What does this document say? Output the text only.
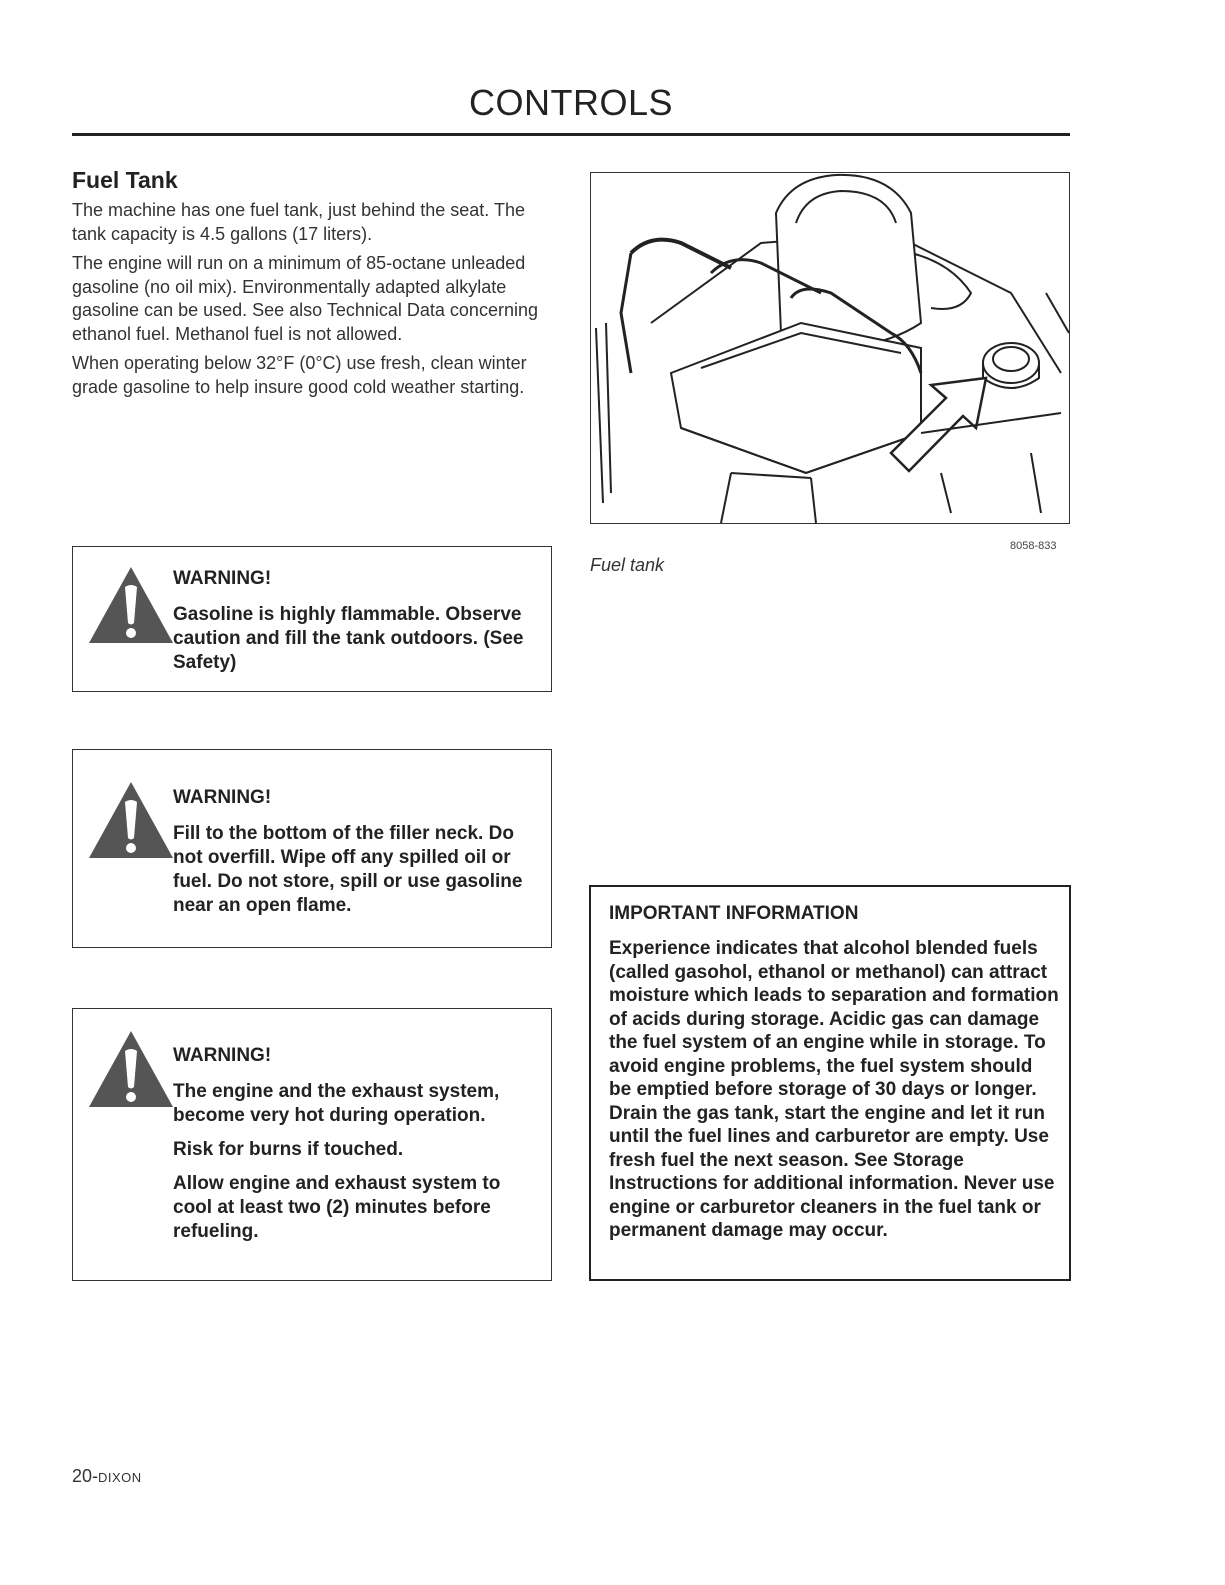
CONTROLS
Fuel Tank

The machine has one fuel tank, just behind the seat. The tank capacity is 4.5 gallons (17 liters).

The engine will run on a minimum of 85-octane unleaded gasoline (no oil mix). Environmentally adapted alkylate gasoline can be used. See also Technical Data concerning ethanol fuel. Methanol fuel is not allowed.

When operating below 32°F (0°C) use fresh, clean winter grade gasoline to help insure good cold weather starting.

WARNING!

Gasoline is highly flammable. Observe caution and fill the tank outdoors. (See Safety)

WARNING!

Fill to the bottom of the filler neck. Do not overfill. Wipe off any spilled oil or fuel. Do not store, spill or use gasoline near an open flame.

WARNING!

The engine and the exhaust system, become very hot during operation.

Risk for burns if touched.

Allow engine and exhaust system to cool at least two (2) minutes before refueling.

8058-833
Fuel tank
IMPORTANT INFORMATION
Experience indicates that alcohol blended fuels (called gasohol, ethanol or methanol) can attract moisture which leads to separation and formation of acids during storage. Acidic gas can damage the fuel system of an engine while in storage. To avoid engine problems, the fuel system should be emptied before storage of 30 days or longer. Drain the gas tank, start the engine and let it run until the fuel lines and carburetor are empty. Use fresh fuel the next season. See Storage Instructions for additional information. Never use engine or carburetor cleaners in the fuel tank or permanent damage may occur.
20-DIXON
